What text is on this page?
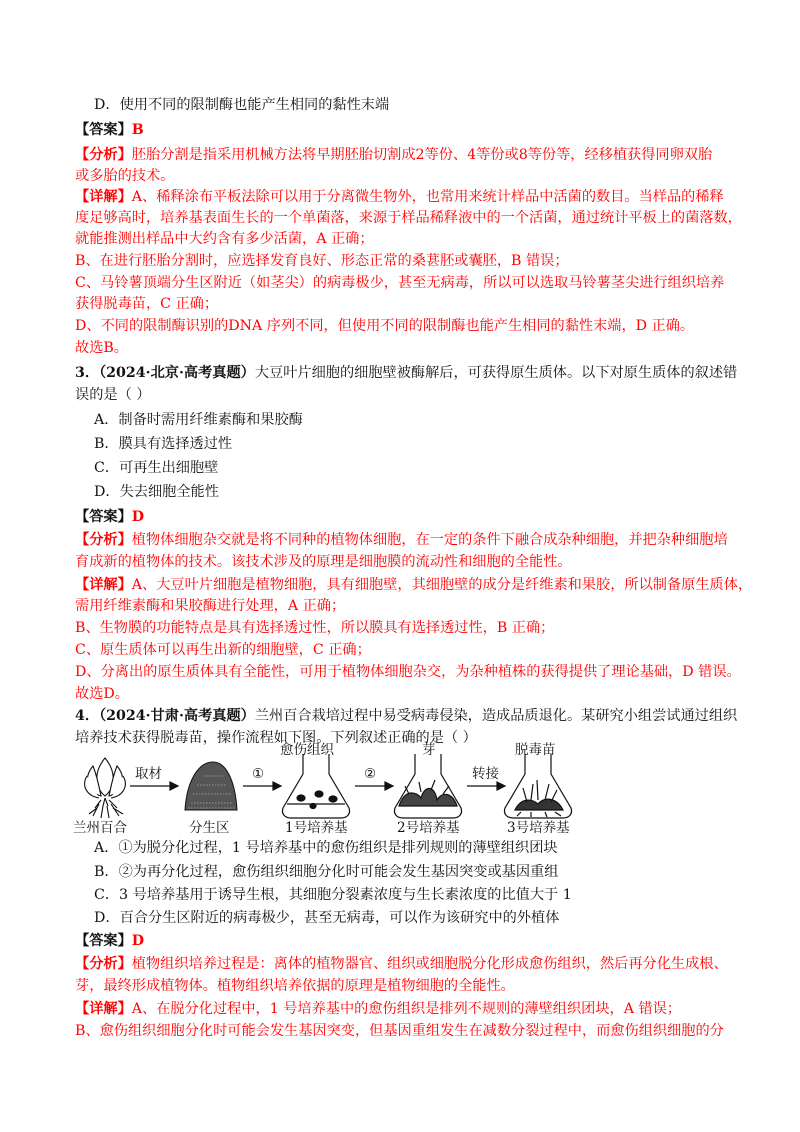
D．使用不同的限制酶也能产生相同的黏性末端
【答案】B
【分析】胚胎分割是指采用机械方法将早期胚胎切割成2等份、4等份或8等份等，经移植获得同卵双胎
或多胎的技术。
【详解】A、稀释涂布平板法除可以用于分离微生物外，也常用来统计样品中活菌的数目。当样品的稀释
度足够高时，培养基表面生长的一个单菌落，来源于样品稀释液中的一个活菌，通过统计平板上的菌落数，
就能推测出样品中大约含有多少活菌，A 正确；
B、在进行胚胎分割时，应选择发育良好、形态正常的桑葚胚或囊胚，B 错误；
C、马铃薯顶端分生区附近（如茎尖）的病毒极少，甚至无病毒，所以可以选取马铃薯茎尖进行组织培养
获得脱毒苗，C 正确；
D、不同的限制酶识别的DNA 序列不同，但使用不同的限制酶也能产生相同的黏性末端，D 正确。
故选B。
3．（2024·北京·高考真题）大豆叶片细胞的细胞壁被酶解后，可获得原生质体。以下对原生质体的叙述错
误的是（ ）
A．制备时需用纤维素酶和果胶酶
B．膜具有选择透过性
C．可再生出细胞壁
D．失去细胞全能性
【答案】D
【分析】植物体细胞杂交就是将不同种的植物体细胞，在一定的条件下融合成杂种细胞，并把杂种细胞培
育成新的植物体的技术。该技术涉及的原理是细胞膜的流动性和细胞的全能性。
【详解】A、大豆叶片细胞是植物细胞，具有细胞壁，其细胞壁的成分是纤维素和果胶，所以制备原生质体，
需用纤维素酶和果胶酶进行处理，A 正确；
B、生物膜的功能特点是具有选择透过性，所以膜具有选择透过性，B 正确；
C、原生质体可以再生出新的细胞壁，C 正确；
D、分离出的原生质体具有全能性，可用于植物体细胞杂交，为杂种植株的获得提供了理论基础，D 错误。
故选D。
4．（2024·甘肃·高考真题）兰州百合栽培过程中易受病毒侵染，造成品质退化。某研究小组尝试通过组织
培养技术获得脱毒苗，操作流程如下图。下列叙述正确的是（ ）
愈伤组织	芽	脱毒苗
取材	①	②	转接
兰州百合	分生区	1号培养基	2号培养基	3号培养基
A．①为脱分化过程，1 号培养基中的愈伤组织是排列规则的薄壁组织团块
B．②为再分化过程，愈伤组织细胞分化时可能会发生基因突变或基因重组
C．3 号培养基用于诱导生根，其细胞分裂素浓度与生长素浓度的比值大于 1
D．百合分生区附近的病毒极少，甚至无病毒，可以作为该研究中的外植体
【答案】D
【分析】植物组织培养过程是：离体的植物器官、组织或细胞脱分化形成愈伤组织，然后再分化生成根、
芽，最终形成植物体。植物组织培养依据的原理是植物细胞的全能性。
【详解】A、在脱分化过程中，1 号培养基中的愈伤组织是排列不规则的薄壁组织团块，A 错误；
B、愈伤组织细胞分化时可能会发生基因突变，但基因重组发生在减数分裂过程中，而愈伤组织细胞的分
